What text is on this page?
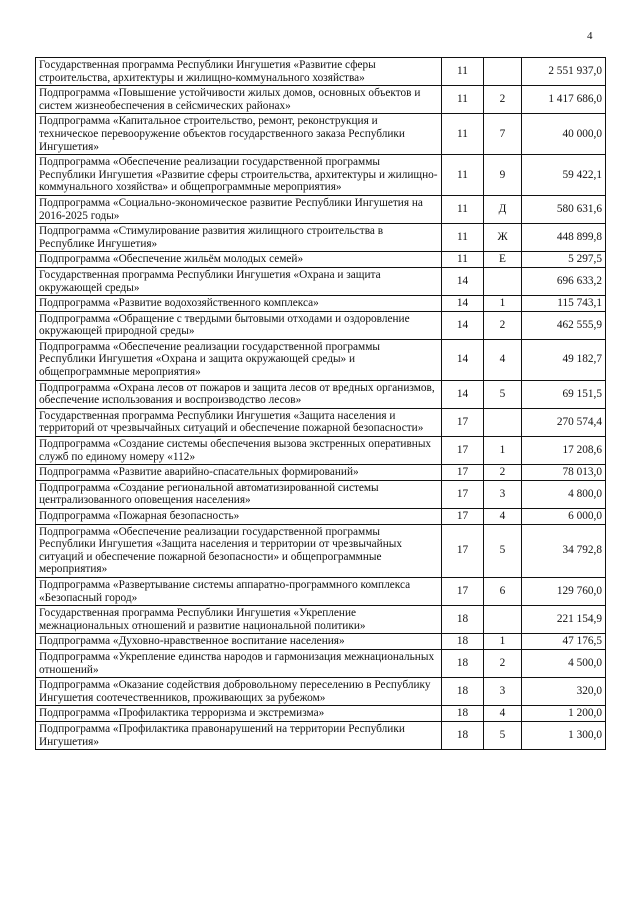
4
Государственная программа Республики Ингушетия «Развитие сферы строительства, архитектуры и жилищно-коммунального хозяйства»	11		2 551 937,0
Подпрограмма «Повышение устойчивости жилых домов, основных объектов и систем жизнеобеспечения в сейсмических районах»	11	2	1 417 686,0
Подпрограмма «Капитальное строительство, ремонт, реконструкция и техническое перевооружение объектов государственного заказа Республики Ингушетия»	11	7	40 000,0
Подпрограмма «Обеспечение реализации государственной программы Республики Ингушетия «Развитие сферы строительства, архитектуры и жилищно-коммунального хозяйства» и общепрограммные мероприятия»	11	9	59 422,1
Подпрограмма «Социально-экономическое развитие Республики Ингушетия на 2016-2025 годы»	11	Д	580 631,6
Подпрограмма «Стимулирование развития жилищного строительства в Республике Ингушетия»	11	Ж	448 899,8
Подпрограмма «Обеспечение жильём молодых семей»	11	Е	5 297,5
Государственная программа Республики Ингушетия «Охрана и защита окружающей среды»	14		696 633,2
Подпрограмма «Развитие водохозяйственного комплекса»	14	1	115 743,1
Подпрограмма «Обращение с твердыми бытовыми отходами и оздоровление окружающей природной среды»	14	2	462 555,9
Подпрограмма «Обеспечение реализации государственной программы Республики Ингушетия «Охрана и защита окружающей среды» и общепрограммные мероприятия»	14	4	49 182,7
Подпрограмма «Охрана лесов от пожаров и защита лесов от вредных организмов, обеспечение использования и воспроизводство лесов»	14	5	69 151,5
Государственная программа Республики Ингушетия «Защита населения и территорий от чрезвычайных ситуаций и обеспечение пожарной безопасности»	17		270 574,4
Подпрограмма «Создание системы обеспечения вызова экстренных оперативных служб по единому номеру «112»	17	1	17 208,6
Подпрограмма «Развитие аварийно-спасательных формирований»	17	2	78 013,0
Подпрограмма «Создание региональной автоматизированной системы централизованного оповещения населения»	17	3	4 800,0
Подпрограмма «Пожарная безопасность»	17	4	6 000,0
Подпрограмма «Обеспечение реализации государственной программы Республики Ингушетия «Защита населения и территории от чрезвычайных ситуаций и обеспечение пожарной безопасности» и общепрограммные мероприятия»	17	5	34 792,8
Подпрограмма «Развертывание системы аппаратно-программного комплекса «Безопасный город»	17	6	129 760,0
Государственная программа Республики Ингушетия «Укрепление межнациональных отношений и развитие национальной политики»	18		221 154,9
Подпрограмма «Духовно-нравственное воспитание населения»	18	1	47 176,5
Подпрограмма «Укрепление единства народов и гармонизация межнациональных отношений»	18	2	4 500,0
Подпрограмма «Оказание содействия добровольному переселению в Республику Ингушетия соотечественников, проживающих за рубежом»	18	3	320,0
Подпрограмма «Профилактика терроризма и экстремизма»	18	4	1 200,0
Подпрограмма «Профилактика правонарушений на территории Республики Ингушетия»	18	5	1 300,0
